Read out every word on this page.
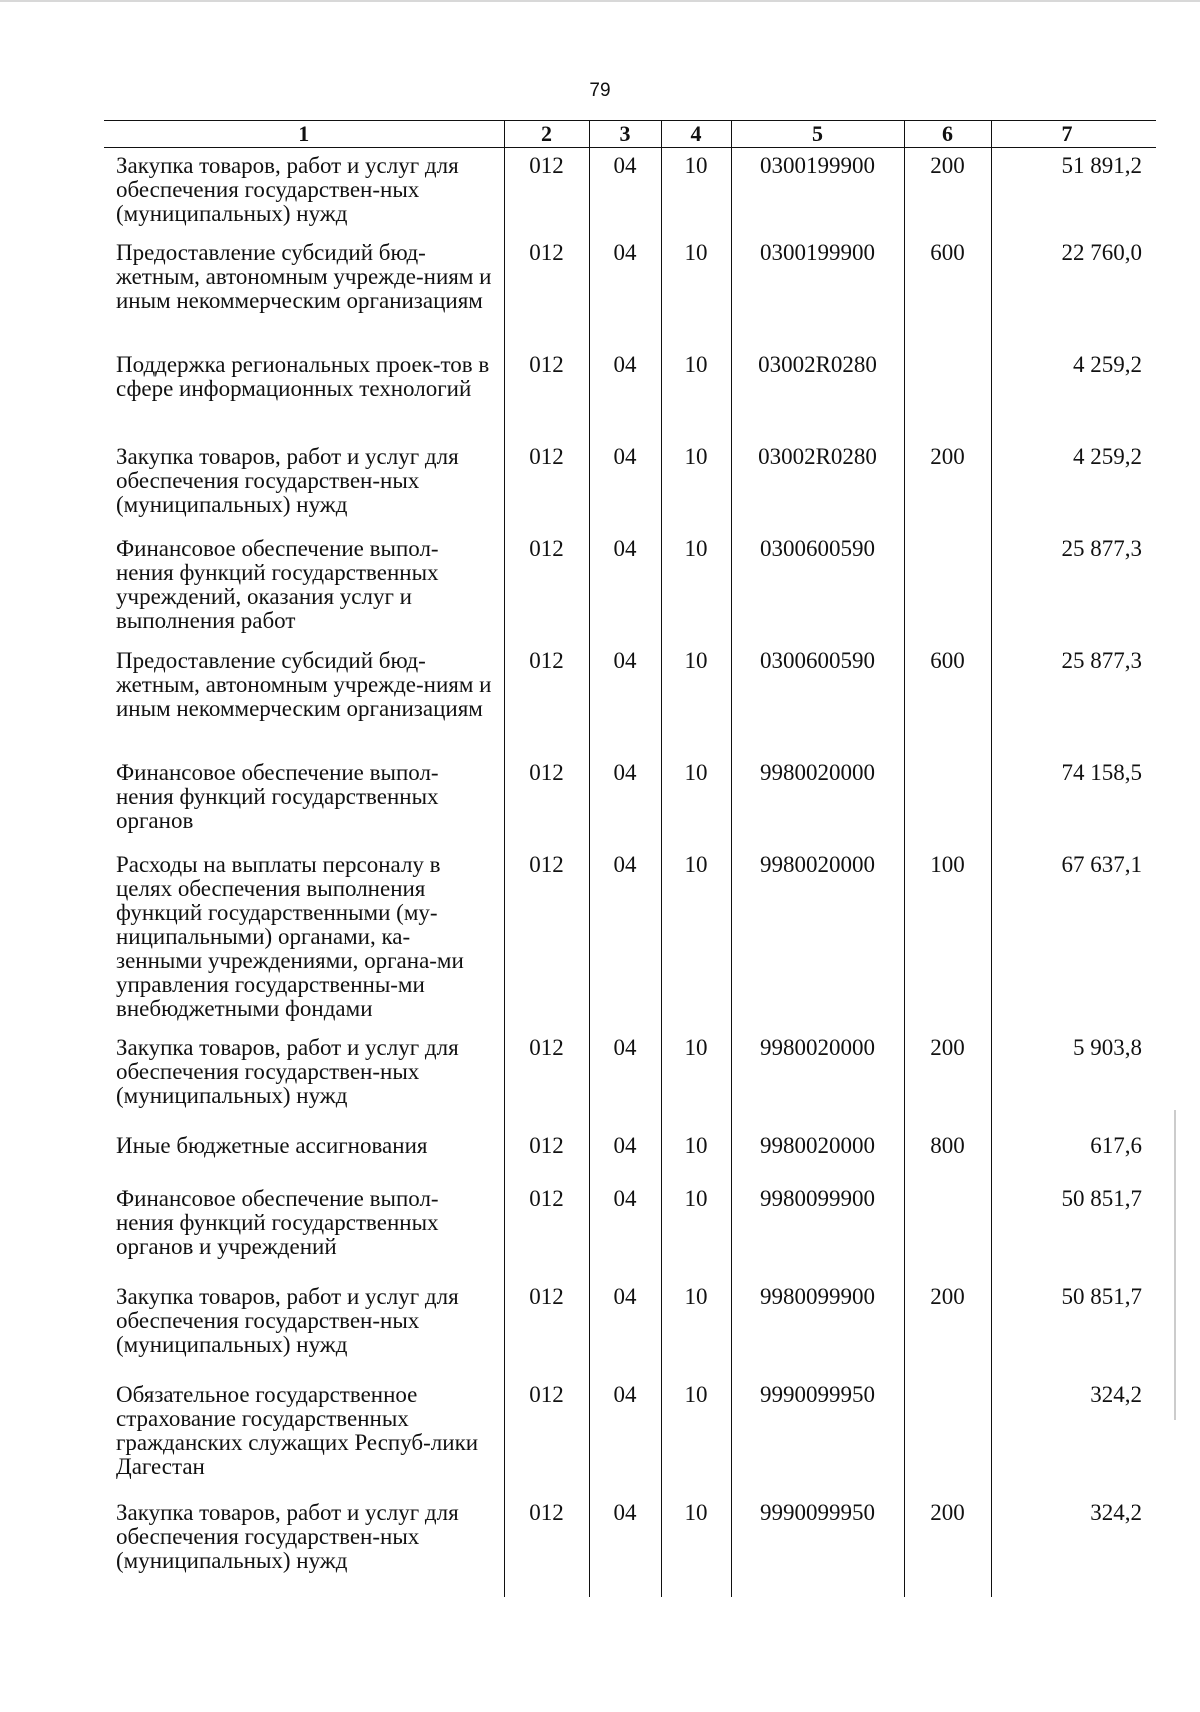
79
1	2	3	4	5	6	7
Закупка товаров, работ и услуг для обеспечения государствен-ных (муниципальных) нужд	012	04	10	0300199900	200	51 891,2
Предоставление субсидий бюд-жетным, автономным учрежде-ниям и иным некоммерческим организациям	012	04	10	0300199900	600	22 760,0
Поддержка региональных проек-тов в сфере информационных технологий	012	04	10	03002R0280		4 259,2
Закупка товаров, работ и услуг для обеспечения государствен-ных (муниципальных) нужд	012	04	10	03002R0280	200	4 259,2
Финансовое обеспечение выпол-нения функций государственных учреждений, оказания услуг и выполнения работ	012	04	10	0300600590		25 877,3
Предоставление субсидий бюд-жетным, автономным учрежде-ниям и иным некоммерческим организациям	012	04	10	0300600590	600	25 877,3
Финансовое обеспечение выпол-нения функций государственных органов	012	04	10	9980020000		74 158,5
Расходы на выплаты персоналу в целях обеспечения выполнения функций государственными (му-ниципальными) органами, ка-зенными учреждениями, органа-ми управления государственны-ми внебюджетными фондами	012	04	10	9980020000	100	67 637,1
Закупка товаров, работ и услуг для обеспечения государствен-ных (муниципальных) нужд	012	04	10	9980020000	200	5 903,8
Иные бюджетные ассигнования	012	04	10	9980020000	800	617,6
Финансовое обеспечение выпол-нения функций государственных органов и учреждений	012	04	10	9980099900		50 851,7
Закупка товаров, работ и услуг для обеспечения государствен-ных (муниципальных) нужд	012	04	10	9980099900	200	50 851,7
Обязательное государственное страхование государственных гражданских служащих Респуб-лики Дагестан	012	04	10	9990099950		324,2
Закупка товаров, работ и услуг для обеспечения государствен-ных (муниципальных) нужд	012	04	10	9990099950	200	324,2
